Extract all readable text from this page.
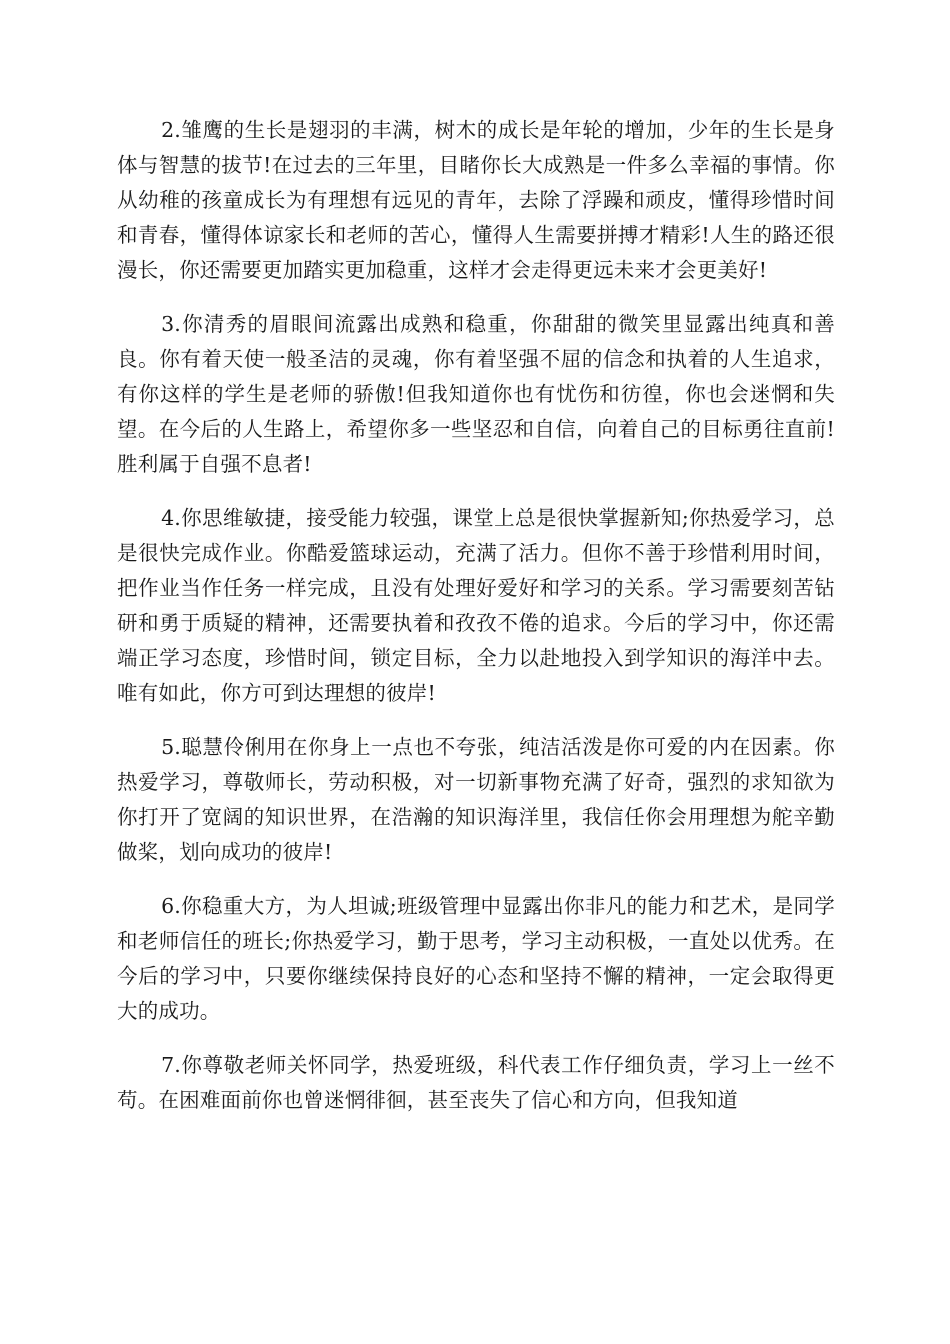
2.雏鹰的生长是翅羽的丰满，树木的成长是年轮的增加，少年的生长是身体与智慧的拔节!在过去的三年里，目睹你长大成熟是一件多么幸福的事情。你从幼稚的孩童成长为有理想有远见的青年，去除了浮躁和顽皮，懂得珍惜时间和青春，懂得体谅家长和老师的苦心，懂得人生需要拼搏才精彩!人生的路还很漫长，你还需要更加踏实更加稳重，这样才会走得更远未来才会更美好!

3.你清秀的眉眼间流露出成熟和稳重，你甜甜的微笑里显露出纯真和善良。你有着天使一般圣洁的灵魂，你有着坚强不屈的信念和执着的人生追求，有你这样的学生是老师的骄傲!但我知道你也有忧伤和彷徨，你也会迷惘和失望。在今后的人生路上，希望你多一些坚忍和自信，向着自己的目标勇往直前!胜利属于自强不息者!

4.你思维敏捷，接受能力较强，课堂上总是很快掌握新知;你热爱学习，总是很快完成作业。你酷爱篮球运动，充满了活力。但你不善于珍惜利用时间，把作业当作任务一样完成，且没有处理好爱好和学习的关系。学习需要刻苦钻研和勇于质疑的精神，还需要执着和孜孜不倦的追求。今后的学习中，你还需端正学习态度，珍惜时间，锁定目标，全力以赴地投入到学知识的海洋中去。唯有如此，你方可到达理想的彼岸!

5.聪慧伶俐用在你身上一点也不夸张，纯洁活泼是你可爱的内在因素。你热爱学习，尊敬师长，劳动积极，对一切新事物充满了好奇，强烈的求知欲为你打开了宽阔的知识世界，在浩瀚的知识海洋里，我信任你会用理想为舵辛勤做桨，划向成功的彼岸!

6.你稳重大方，为人坦诚;班级管理中显露出你非凡的能力和艺术，是同学和老师信任的班长;你热爱学习，勤于思考，学习主动积极，一直处以优秀。在今后的学习中，只要你继续保持良好的心态和坚持不懈的精神，一定会取得更大的成功。

7.你尊敬老师关怀同学，热爱班级，科代表工作仔细负责，学习上一丝不苟。在困难面前你也曾迷惘徘徊，甚至丧失了信心和方向，但我知道
